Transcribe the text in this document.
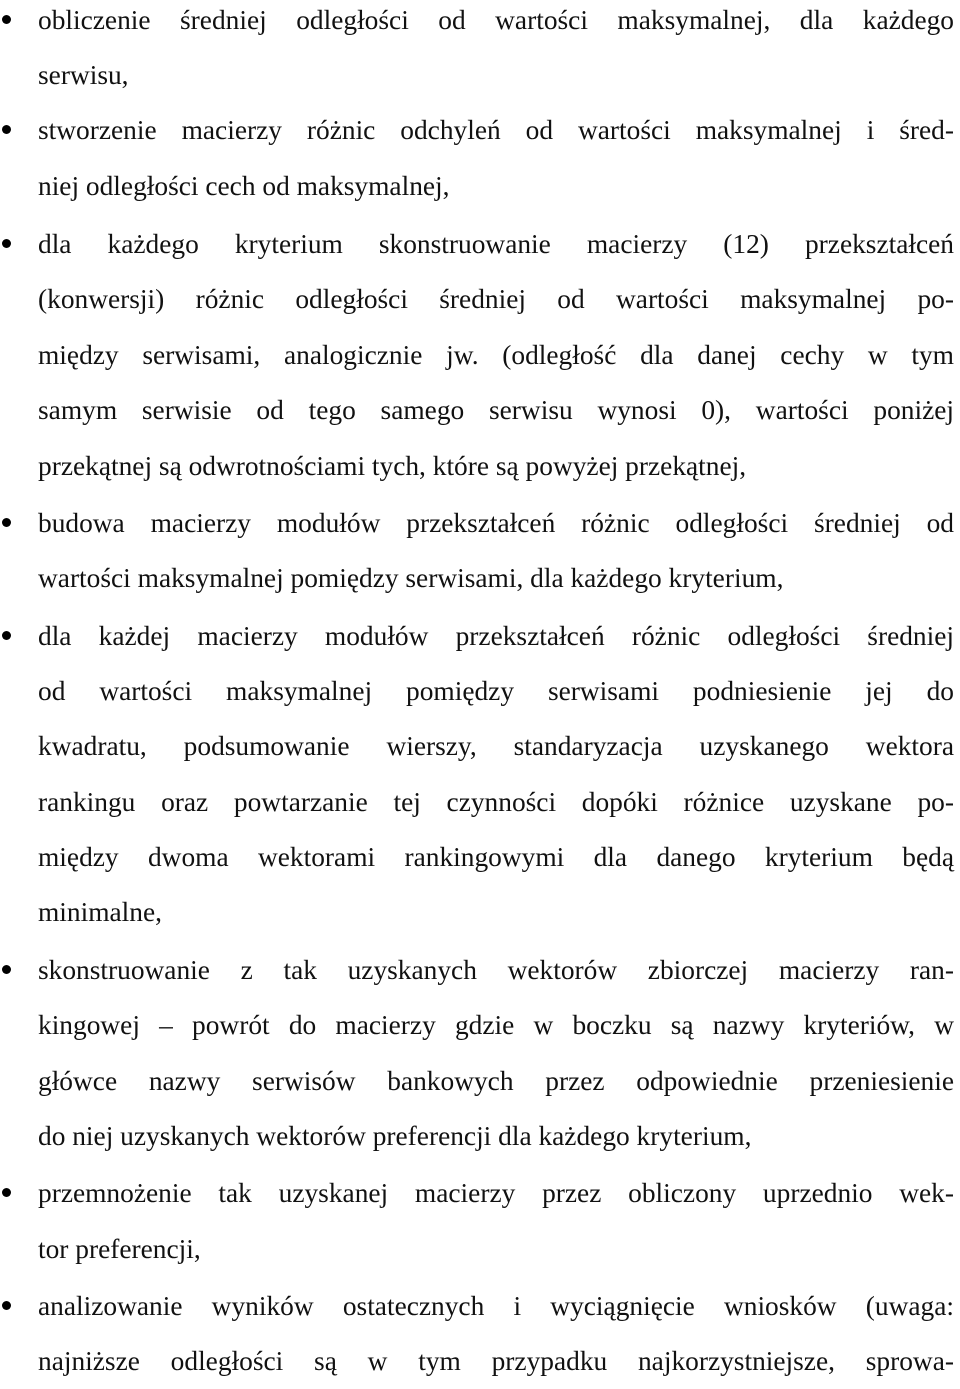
obliczenie średniej odległości od wartości maksymalnej, dla każdego
serwisu,
stworzenie macierzy różnic odchyleń od wartości maksymalnej i śred-
niej odległości cech od maksymalnej,
dla każdego kryterium skonstruowanie macierzy (12) przekształceń
(konwersji) różnic odległości średniej od wartości maksymalnej po-
między serwisami, analogicznie jw. (odległość dla danej cechy w tym
samym serwisie od tego samego serwisu wynosi 0), wartości poniżej
przekątnej są odwrotnościami tych, które są powyżej przekątnej,
budowa macierzy modułów przekształceń różnic odległości średniej od
wartości maksymalnej pomiędzy serwisami, dla każdego kryterium,
dla każdej macierzy modułów przekształceń różnic odległości średniej
od wartości maksymalnej pomiędzy serwisami podniesienie jej do
kwadratu, podsumowanie wierszy, standaryzacja uzyskanego wektora
rankingu oraz powtarzanie tej czynności dopóki różnice uzyskane po-
między dwoma wektorami rankingowymi dla danego kryterium będą
minimalne,
skonstruowanie z tak uzyskanych wektorów zbiorczej macierzy ran-
kingowej – powrót do macierzy gdzie w boczku są nazwy kryteriów, w
główce nazwy serwisów bankowych przez odpowiednie przeniesienie
do niej uzyskanych wektorów preferencji dla każdego kryterium,
przemnożenie tak uzyskanej macierzy przez obliczony uprzednio wek-
tor preferencji,
analizowanie wyników ostatecznych i wyciągnięcie wniosków (uwaga:
najniższe odległości są w tym przypadku najkorzystniejsze, sprowa-
